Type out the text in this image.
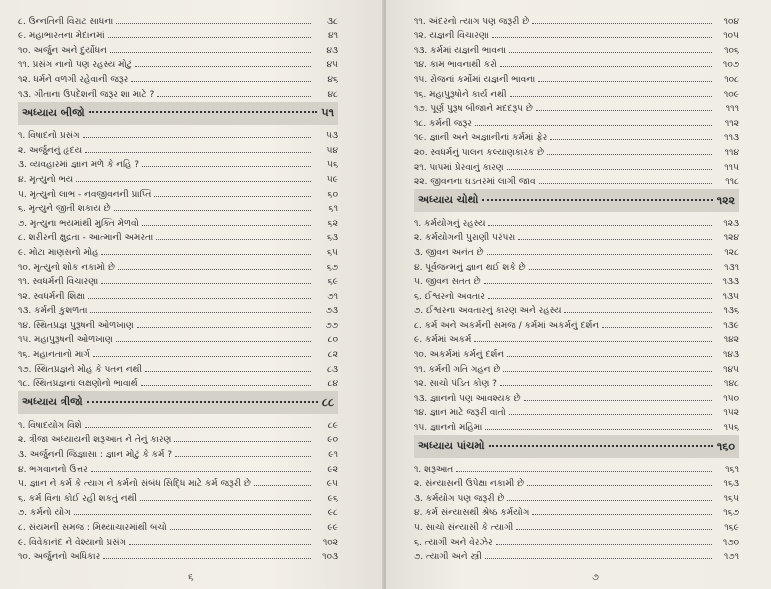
૮. ઉન્નતિની વિરાટ સાધના	૩૮
૯. મહાભારતના મેદાનમાં	૪૧
૧૦. અર્જુન અને દુર્યોધન	૪૩
૧૧. પ્રસંગ નાનો પણ રહસ્ય મોટું	૪૫
૧૨. ધર્મને વળગી રહેવાની જરૂર	૪૬
૧૩. ગીતાના ઉપદેશની જરૂર શા માટે ?	૪૮
અધ્યાય બીજો	૫૧
૧. વિષાદનો પ્રસંગ	૫૩
૨. અર્જુનનું હૃદય	૫૪
૩. વ્યવહારમાં જ્ઞાન મળે કે નહિ ?	૫૬
૪. મૃત્યુનો ભય	૫૯
૫. મૃત્યુનો લાભ - નવજીવનની પ્રાપ્તિ	૬૦
૬. મૃત્યુને જીતી શકાય છે	૬૧
૭. મૃત્યુના ભયમાંથી મુક્તિ મેળવો	૬૨
૮. શરીરની ક્ષુદ્રતા - આત્માની અમરતા	૬૩
૯. મોટા માણસનો મોહ	૬૫
૧૦. મૃત્યુનો શોક નકામો છે	૬૭
૧૧. સ્વધર્મની વિચારણા	૬૯
૧૨. સ્વધર્મની શિક્ષા	૭૧
૧૩. કર્મની કુશળતા	૭૩
૧૪. સ્થિતપ્રજ્ઞ પુરૂષની ઓળખાણ	૭૭
૧૫. મહાપુરૂષની ઓળખાણ	૮૦
૧૬. મહાનતાનો માર્ગ	૮૨
૧૭. સ્થિતપ્રજ્ઞને મોહ કે પતન નથી	૮૩
૧૮. સ્થિતપ્રજ્ઞનાં લક્ષણોનો ભાવાર્થ	૮૪
અધ્યાય ત્રીજો	૮૮
૧. વિષાદયોગ વિશે	૮૯
૨. ત્રીજા અધ્યાયની શરૂઆત ને તેનું કારણ	૯૦
૩. અર્જુનની જિજ્ઞાસા : જ્ઞાન મોટું કે કર્મ ?	૯૧
૪. ભગવાનનો ઉત્તર	૯૨
૫. જ્ઞાન ને કર્મ કે ત્યાગ ને કર્મનો સંબંધ સિદ્ધિ માટે કર્મ જરૂરી છે	૯૫
૬. કર્મ વિના કોઈ રહી શકતું નથી	૯૬
૭. કર્મનો યોગ	૯૮
૮. સંયમની સમજ : મિથ્યાચારમાંથી બચો	૯૯
૯. વિવેકાનંદ ને વેશ્યાનો પ્રસંગ	૧૦૨
૧૦. અર્જુનનો અધિકાર	૧૦૩
૬
૧૧. અંદરનો ત્યાગ પણ જરૂરી છે	૧૦૪
૧૨. યજ્ઞની વિચારણા	૧૦૫
૧૩. કર્મમાં યજ્ઞની ભાવના	૧૦૬
૧૪. કામ ભાવનાથી કરો	૧૦૭
૧૫. રોજનાં કર્મોમાં યજ્ઞની ભાવના	૧૦૮
૧૬. મહાપુરૂષોને કાર્ય નથી	૧૦૯
૧૭. પૂર્ણ પુરૂષ બીજાને મદદરૂપ છે	૧૧૧
૧૮. કર્મની જરૂર	૧૧૨
૧૯. જ્ઞાની અને અજ્ઞાનીનાં કર્મમાં ફેર	૧૧૩
૨૦. સ્વધર્મનું પાલન કલ્યાણકારક છે	૧૧૪
૨૧. પાપમાં પ્રેરવાનું કારણ	૧૧૫
૨૨. જીવનના ઘડતરમાં લાગી જાવ	૧૧૮
અધ્યાય ચોથો	૧૨૨
૧. કર્મયોગનું રહસ્ય	૧૨૩
૨. કર્મયોગની પુરાણી પરંપરા	૧૨૪
૩. જીવન અનંત છે	૧૨૮
૪. પૂર્વજન્મનું જ્ઞાન થઈ શકે છે	૧૩૧
૫. જીવન સતત છે	૧૩૩
૬. ઈશ્વરનો અવતાર	૧૩૫
૭. ઈશ્વરના અવતારનું કારણ અને રહસ્ય	૧૩૬
૮. કર્મ અને અકર્મની સમજ / કર્મમાં અકર્મનું દર્શન	૧૩૯
૯. કર્મમાં અકર્મ	૧૪૨
૧૦. અકર્મમાં કર્મનું દર્શન	૧૪૩
૧૧. કર્મની ગતિ ગહન છે	૧૪૫
૧૨. સાચો પંડિત કોણ ?	૧૪૮
૧૩. જ્ઞાનનો પણ આવશ્યક છે	૧૫૦
૧૪. જ્ઞાન માટે જરૂરી વાતો	૧૫૨
૧૫. જ્ઞાનનો મહિમા	૧૫૬
અધ્યાય પાંચમો	૧૬૦
૧. શરૂઆત	૧૬૧
૨. સંન્યાસની ઉપેક્ષા નકામી છે	૧૬૩
૩. કર્મયોગ પણ જરૂરી છે	૧૬૫
૪. કર્મ સંન્યાસથી શ્રેષ્ઠ કર્મયોગ	૧૬૭
૫. સાચો સંન્યાસી કે ત્યાગી	૧૬૯
૬. ત્યાગી અને વેરઝેર	૧૭૦
૭. ત્યાગી અને સ્ત્રી	૧૭૧
૭
